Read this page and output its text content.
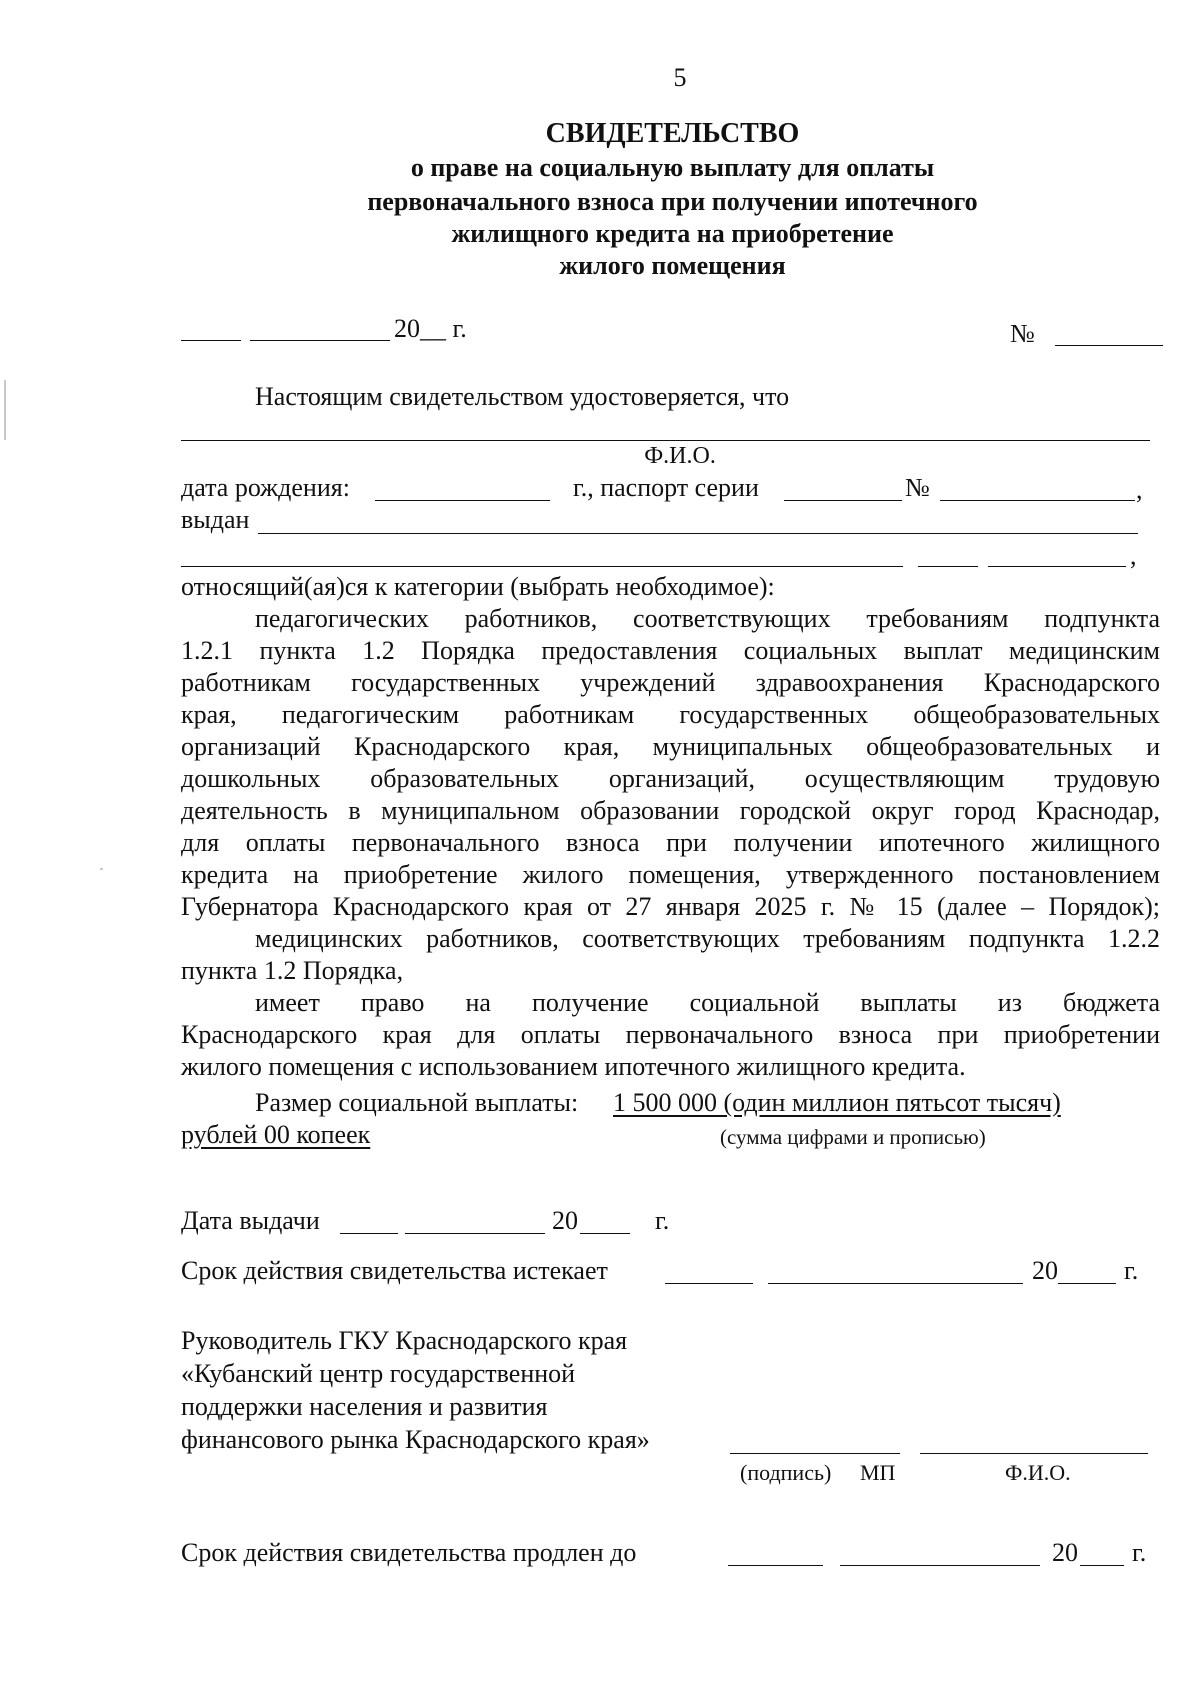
5
СВИДЕТЕЛЬСТВО
о праве на социальную выплату для оплаты
первоначального взноса при получении ипотечного
жилищного кредита на приобретение
жилого помещения
20__ г.	№
Настоящим свидетельством удостоверяется, что
Ф.И.О.
дата рождения:	г., паспорт серии	№	,
выдан
,
относящий(ая)ся к категории (выбрать необходимое):
педагогических работников, соответствующих требованиям подпункта
1.2.1 пункта 1.2 Порядка предоставления социальных выплат медицинским
работникам государственных учреждений здравоохранения Краснодарского
края, педагогическим работникам государственных общеобразовательных
организаций Краснодарского края, муниципальных общеобразовательных и
дошкольных образовательных организаций, осуществляющим трудовую
деятельность в муниципальном образовании городской округ город Краснодар,
для оплаты первоначального взноса при получении ипотечного жилищного
кредита на приобретение жилого помещения, утвержденного постановлением
Губернатора Краснодарского края от 27 января 2025 г. № 15 (далее – Порядок);
медицинских работников, соответствующих требованиям подпункта 1.2.2
пункта 1.2 Порядка,
имеет право на получение социальной выплаты из бюджета
Краснодарского края для оплаты первоначального взноса при приобретении
жилого помещения с использованием ипотечного жилищного кредита.
Размер социальной выплаты: 1 500 000 (один миллион пятьсот тысяч)
рублей 00 копеек	(сумма цифрами и прописью)
Дата выдачи	20	г.
Срок действия свидетельства истекает	20	г.
Руководитель ГКУ Краснодарского края
«Кубанский центр государственной
поддержки населения и развития
финансового рынка Краснодарского края»
(подпись) МП	Ф.И.О.
Срок действия свидетельства продлен до	20 г.
